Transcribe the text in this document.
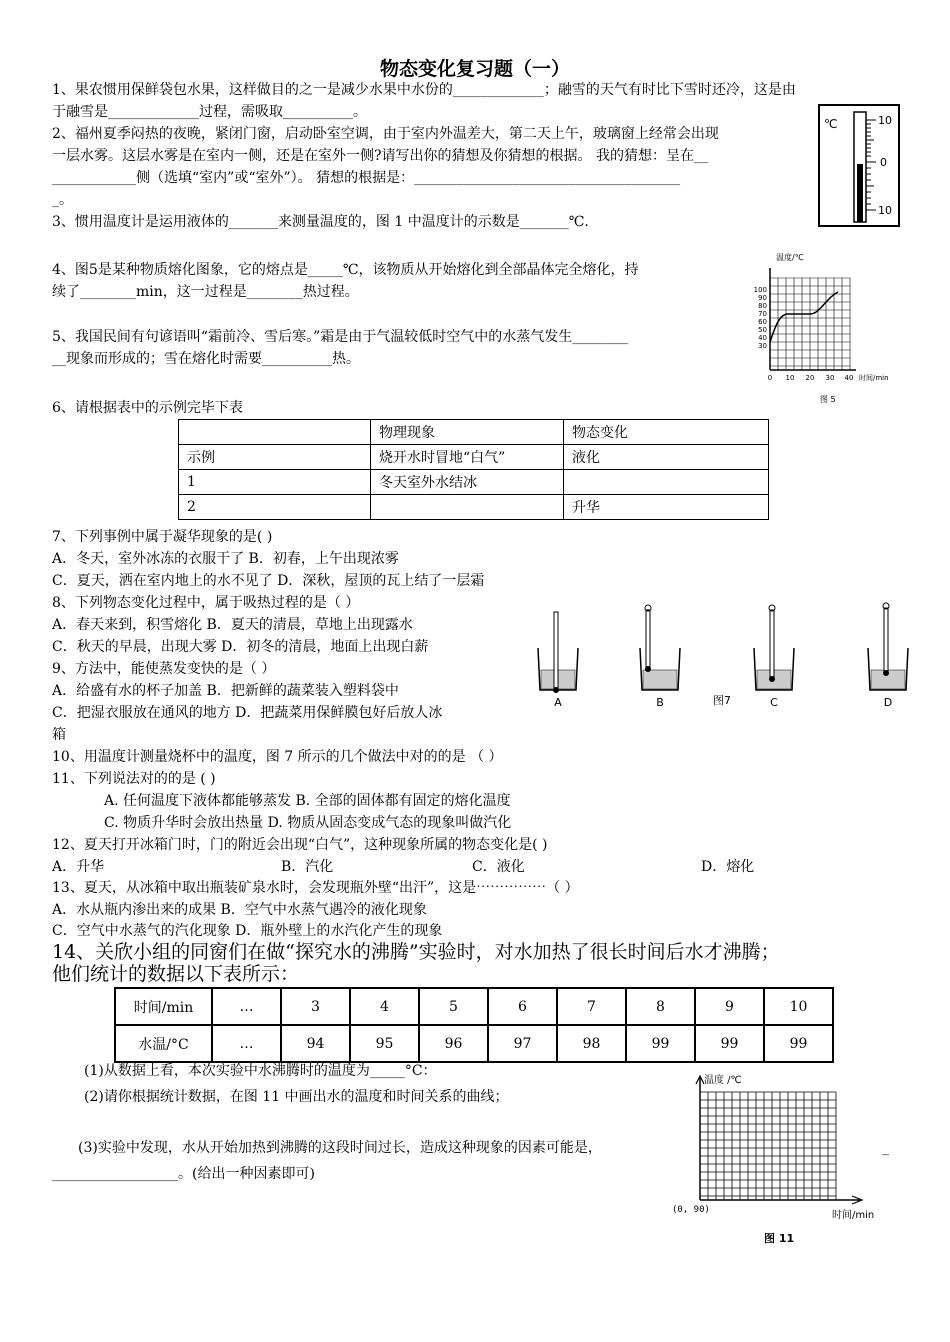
物态变化复习题（一）
1、果农惯用保鲜袋包水果，这样做目的之一是减少水果中水份的_____________；融雪的天气有时比下雪时还冷，这是由
于融雪是_____________过程，需吸取__________。
2、福州夏季闷热的夜晚，紧闭门窗，启动卧室空调，由于室内外温差大，第二天上午，玻璃窗上经常会出现
一层水雾。这层水雾是在室内一侧，还是在室外一侧?请写出你的猜想及你猜想的根据。 我的猜想：呈在__
____________侧（选填“室内”或“室外”）。 猜想的根据是：______________________________________
_。
3、惯用温度计是运用液体的_______来测量温度的，图 1 中温度计的示数是_______℃.
4、图5是某种物质熔化图象，它的熔点是_____℃，该物质从开始熔化到全部晶体完全熔化，持
续了________min，这一过程是________热过程。
5、我国民间有句谚语叫“霜前冷、雪后寒。”霜是由于气温较低时空气中的水蒸气发生________
__现象而形成的；雪在熔化时需要__________热。
6、请根据表中的示例完毕下表
	物理现象	物态变化
示例	烧开水时冒地“白气”	液化
1	冬天室外水结冰	
2		升华
7、下列事例中属于凝华现象的是( )
A．冬天，室外冰冻的衣服干了 B．初春，上午出现浓雾
C．夏天，洒在室内地上的水不见了 D．深秋，屋顶的瓦上结了一层霜
8、下列物态变化过程中，属于吸热过程的是（ ）
A．春天来到，积雪熔化 B．夏天的清晨，草地上出现露水
C．秋天的早晨，出现大雾 D．初冬的清晨，地面上出现白薪
9、方法中，能使蒸发变快的是（ ）
A．给盛有水的杯子加盖 B．把新鲜的蔬菜装入塑料袋中
C．把湿衣服放在通风的地方 D．把蔬菜用保鲜膜包好后放人冰
箱
10、用温度计测量烧杯中的温度，图 7 所示的几个做法中对的的是 （ ）
11、下列说法对的的是 ( )
A. 任何温度下液体都能够蒸发 B. 全部的固体都有固定的熔化温度
C. 物质升华时会放出热量 D. 物质从固态变成气态的现象叫做汽化
12、夏天打开冰箱门时，门的附近会出现“白气”，这种现象所属的物态变化是( )
A．升华	B．汽化	C．液化	D．熔化
13、夏天，从冰箱中取出瓶装矿泉水时，会发现瓶外壁“出汗”，这是⋯⋯⋯⋯⋯（ ）
A．水从瓶内渗出来的成果 B．空气中水蒸气遇冷的液化现象
C．空气中水蒸气的汽化现象 D．瓶外壁上的水汽化产生的现象
14、关欣小组的同窗们在做“探究水的沸腾”实验时，对水加热了很长时间后水才沸腾；
他们统计的数据以下表所示：
时间/min	…	3	4	5	6	7	8	9	10
水温/°C	…	94	95	96	97	98	99	99	99
(1)从数据上看，本次实验中水沸腾时的温度为_____°C：
(2)请你根据统计数据，在图 11 中画出水的温度和时间关系的曲线；
(3)实验中发现，水从开始加热到沸腾的这段时间过长，造成这种现象的因素可能是，	_
__________________。(给出一种因素即可)
℃	10
0
10
温度/℃
100
90
80
70
60
50
40
30
0 10 20 30 40 时间/min
图 5
A	B	C	D
图7
温度 /℃
(0, 90)	时间/min
图 11
